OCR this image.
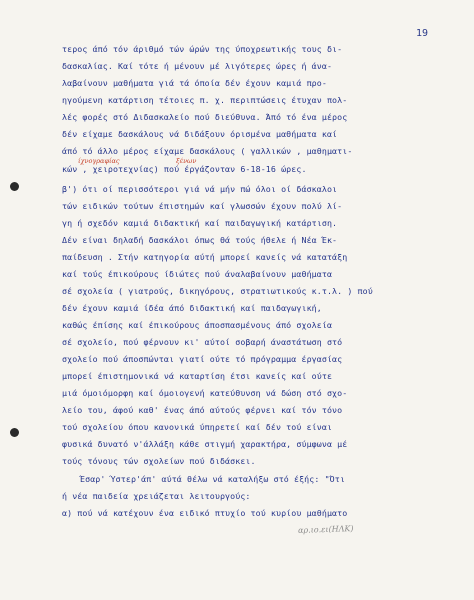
19
τερος άπό τόν άριθμό τών ώρών της ύποχρεωτικής τους δι-
δασκαλίας. Καί τότε ή μένουν μέ λιγότερες ώρες ή άνα-
λαβαίνουν μαθήματα γιά τά όποία δέν έχουν καμιά προ-
ηγούμενη κατάρτιση τέτοιες π. χ. περιπτώσεις έτυχαν πολ-
λές φορές στό Διδασκαλείο πού διεύθυνα. Άπό τό ένα μέρος
δέν είχαμε δασκάλους νά διδάξουν όρισμένα μαθήματα καί
άπό τό άλλο μέρος είχαμε δασκάλους ( γαλλικών , μαθηματι-
ίχνογραφίας	ξένων
κών , χειροτεχνίας) πού έργάζονταν 6-18-16 ώρες.
β') ότι οί περισσότεροι γιά νά μήν πώ όλοι οί δάσκαλοι
τών ειδικών τούτων έπιστημών καί γλωσσών έχουν πολύ λί-
γη ή σχεδόν καμιά διδακτική καί παιδαγωγική κατάρτιση.
Δέν είναι δηλαδή δασκάλοι όπως θά τούς ήθελε ή Νέα Έκ-
παίδευση . Στήν κατηγορία αύτή μπορεί κανείς νά κατατάξη
καί τούς έπικούρους ίδιώτες πού άναλαβαίνουν μαθήματα
σέ σχολεία ( γιατρούς, δικηγόρους, στρατιωτικούς κ.τ.λ. ) πού
δέν έχουν καμιά ίδέα άπό διδακτική καί παιδαγωγική,
καθώς έπίσης καί έπικούρους άποσπασμένους άπό σχολεία
σέ σχολείο, πού φέρνουν κι' αύτοί σοβαρή άναστάτωση στό
σχολείο πού άποσπώνται γιατί ούτε τό πρόγραμμα έργασίας
μπορεί έπιστημονικά νά καταρτίση έτσι κανείς καί ούτε
μιά όμοιόμορφη καί όμοιογενή κατεύθυνση νά δώση στό σχο-
λείο του, άφού καθ' ένας άπό αύτούς φέρνει καί τόν τόνο
τού σχολείου όπου κανονικά ύπηρετεί καί δέν τού είναι
φυσικά δυνατό ν'άλλάξη κάθε στιγμή χαρακτήρα, σύμφωνα μέ
τούς τόνους τών σχολείων πού διδάσκει.
Έσαρ' Ύστερ'άπ' αύτά θέλω νά καταλήξω στό έξής: "Ότι
ή νέα παιδεία χρειάζεται λειτουργούς:
α) πού νά κατέχουν ένα ειδικό πτυχίο τού κυρίου μαθήματο
αρ.ιο.ει(ΗΛΚ)
